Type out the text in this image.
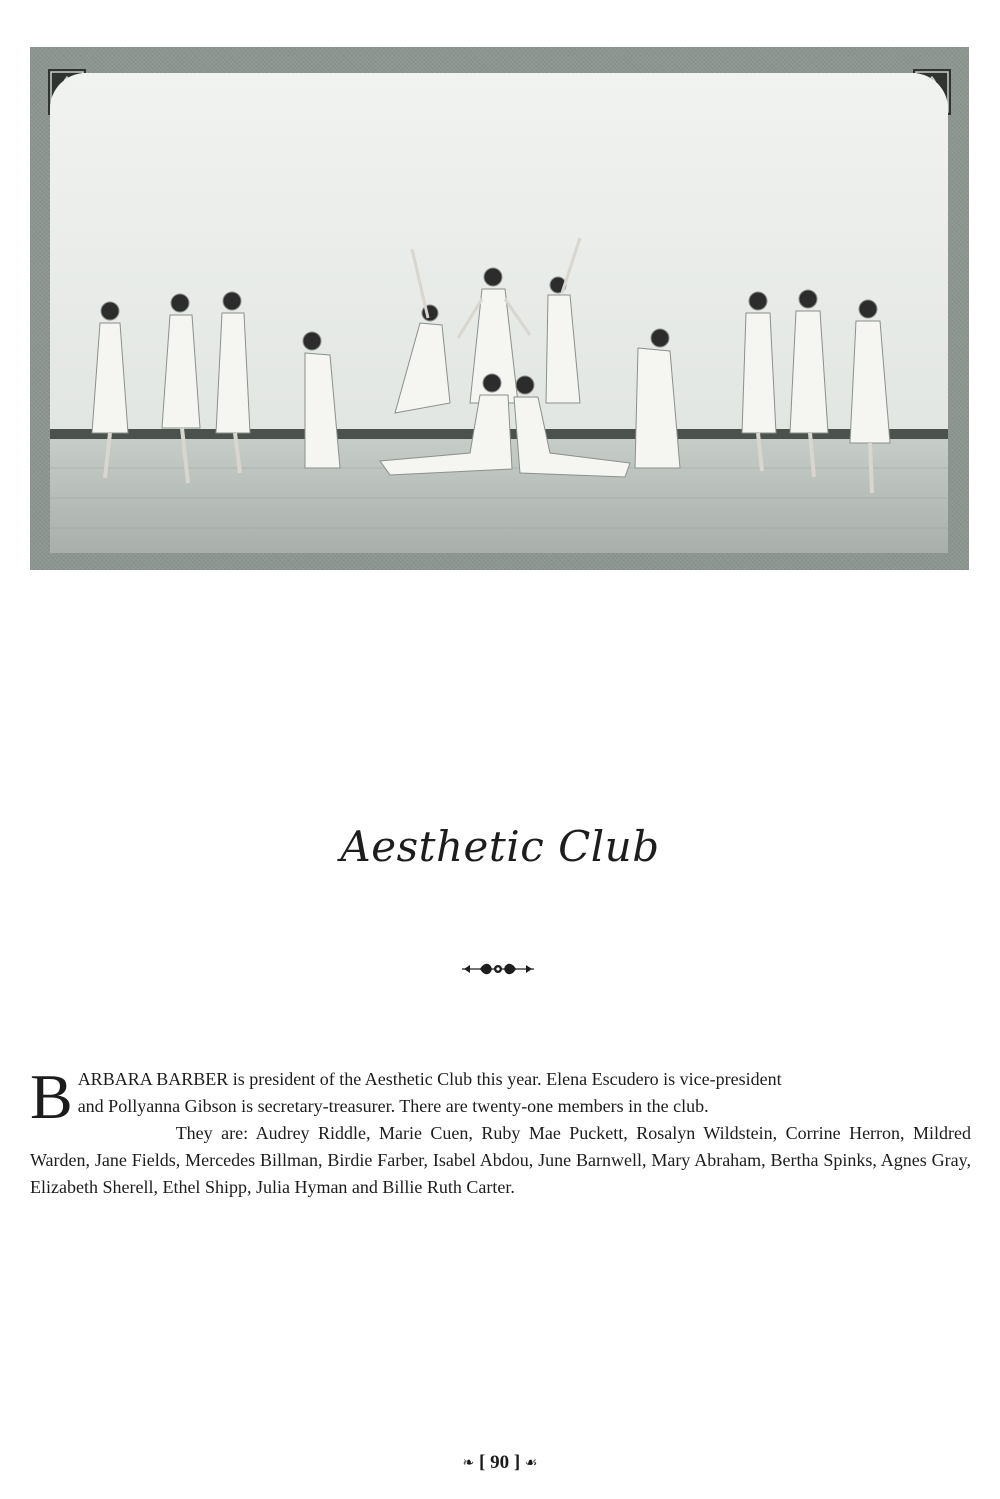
Aesthetic Club
B ARBARA BARBER is president of the Aesthetic Club this year. Elena Escudero is vice-president
and Pollyanna Gibson is secretary-treasurer. There are twenty-one members in the club.
They are: Audrey Riddle, Marie Cuen, Ruby Mae Puckett, Rosalyn Wildstein, Corrine Herron, Mildred Warden, Jane Fields, Mercedes Billman, Birdie Farber, Isabel Abdou, June Barnwell, Mary Abraham, Bertha Spinks, Agnes Gray, Elizabeth Sherell, Ethel Shipp, Julia Hyman and Billie Ruth Carter.
❧ [ 90 ] ☙
